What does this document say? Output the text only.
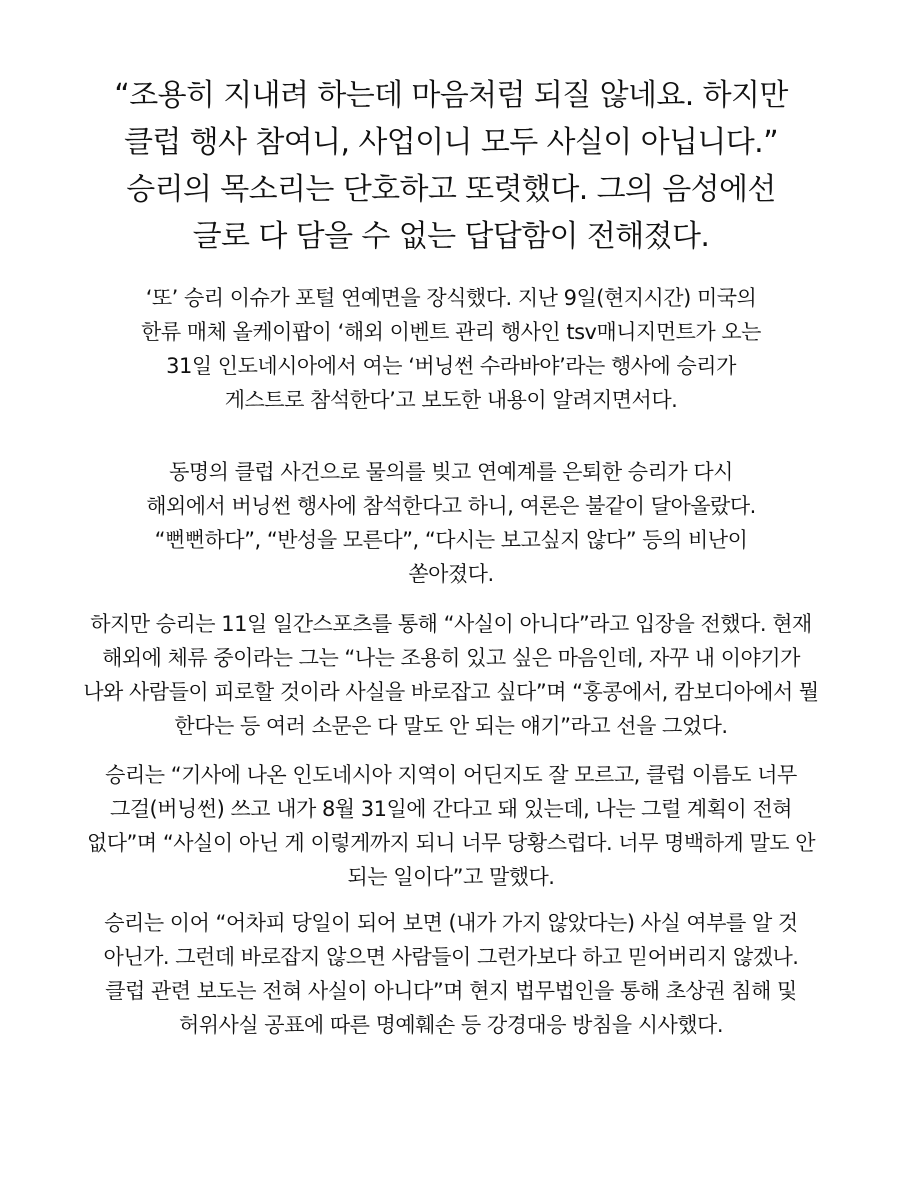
“조용히 지내려 하는데 마음처럼 되질 않네요. 하지만
클럽 행사 참여니, 사업이니 모두 사실이 아닙니다.”
승리의 목소리는 단호하고 또렷했다. 그의 음성에선
글로 다 담을 수 없는 답답함이 전해졌다.

‘또’ 승리 이슈가 포털 연예면을 장식했다. 지난 9일(현지시간) 미국의
한류 매체 올케이팝이 ‘해외 이벤트 관리 행사인 tsv매니지먼트가 오는
31일 인도네시아에서 여는 ‘버닝썬 수라바야’라는 행사에 승리가
게스트로 참석한다’고 보도한 내용이 알려지면서다.

동명의 클럽 사건으로 물의를 빚고 연예계를 은퇴한 승리가 다시
해외에서 버닝썬 행사에 참석한다고 하니, 여론은 불같이 달아올랐다.
“뻔뻔하다”, “반성을 모른다”, “다시는 보고싶지 않다” 등의 비난이
쏟아졌다.

하지만 승리는 11일 일간스포츠를 통해 “사실이 아니다”라고 입장을 전했다. 현재
해외에 체류 중이라는 그는 “나는 조용히 있고 싶은 마음인데, 자꾸 내 이야기가
나와 사람들이 피로할 것이라 사실을 바로잡고 싶다”며 “홍콩에서, 캄보디아에서 뭘
한다는 등 여러 소문은 다 말도 안 되는 얘기”라고 선을 그었다.

승리는 “기사에 나온 인도네시아 지역이 어딘지도 잘 모르고, 클럽 이름도 너무
그걸(버닝썬) 쓰고 내가 8월 31일에 간다고 돼 있는데, 나는 그럴 계획이 전혀
없다”며 “사실이 아닌 게 이렇게까지 되니 너무 당황스럽다. 너무 명백하게 말도 안
되는 일이다”고 말했다.

승리는 이어 “어차피 당일이 되어 보면 (내가 가지 않았다는) 사실 여부를 알 것
아닌가. 그런데 바로잡지 않으면 사람들이 그런가보다 하고 믿어버리지 않겠나.
클럽 관련 보도는 전혀 사실이 아니다”며 현지 법무법인을 통해 초상권 침해 및
허위사실 공표에 따른 명예훼손 등 강경대응 방침을 시사했다.
